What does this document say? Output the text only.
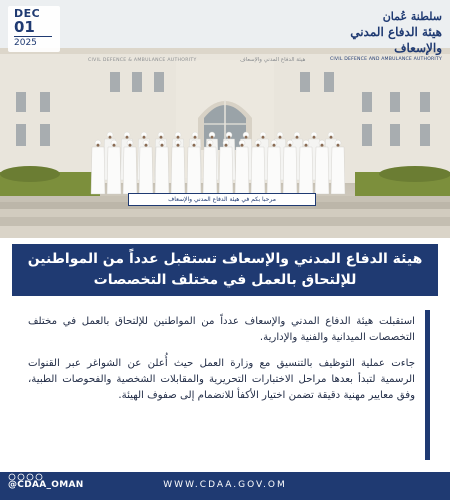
DEC
01
2025
سلطنة عُمان
هيئة الدفاع المدني والإسعاف
CIVIL DEFENCE AND AMBULANCE AUTHORITY
CIVIL DEFENCE & AMBULANCE AUTHORITY	هيئة الدفاع المدني والإسعاف
مرحبا بكم في هيئة الدفاع المدني والإسعاف
هيئة الدفاع المدني والإسعاف تستقبل عدداً من المواطنين للإلتحاق بالعمل في مختلف التخصصات

استقبلت هيئة الدفاع المدني والإسعاف عدداً من المواطنين للإلتحاق بالعمل في مختلف التخصصات الميدانية والفنية والإدارية.

جاءت عملية التوظيف بالتنسيق مع وزارة العمل حيث أُعلن عن الشواغر عبر القنوات الرسمية لتبدأ بعدها مراحل الاختبارات التحريرية والمقابلات الشخصية والفحوصات الطبية، وفق معايير مهنية دقيقة تضمن اختيار الأكفأ للانضمام إلى صفوف الهيئة.

@CDAA_OMAN	WWW.CDAA.GOV.OM
